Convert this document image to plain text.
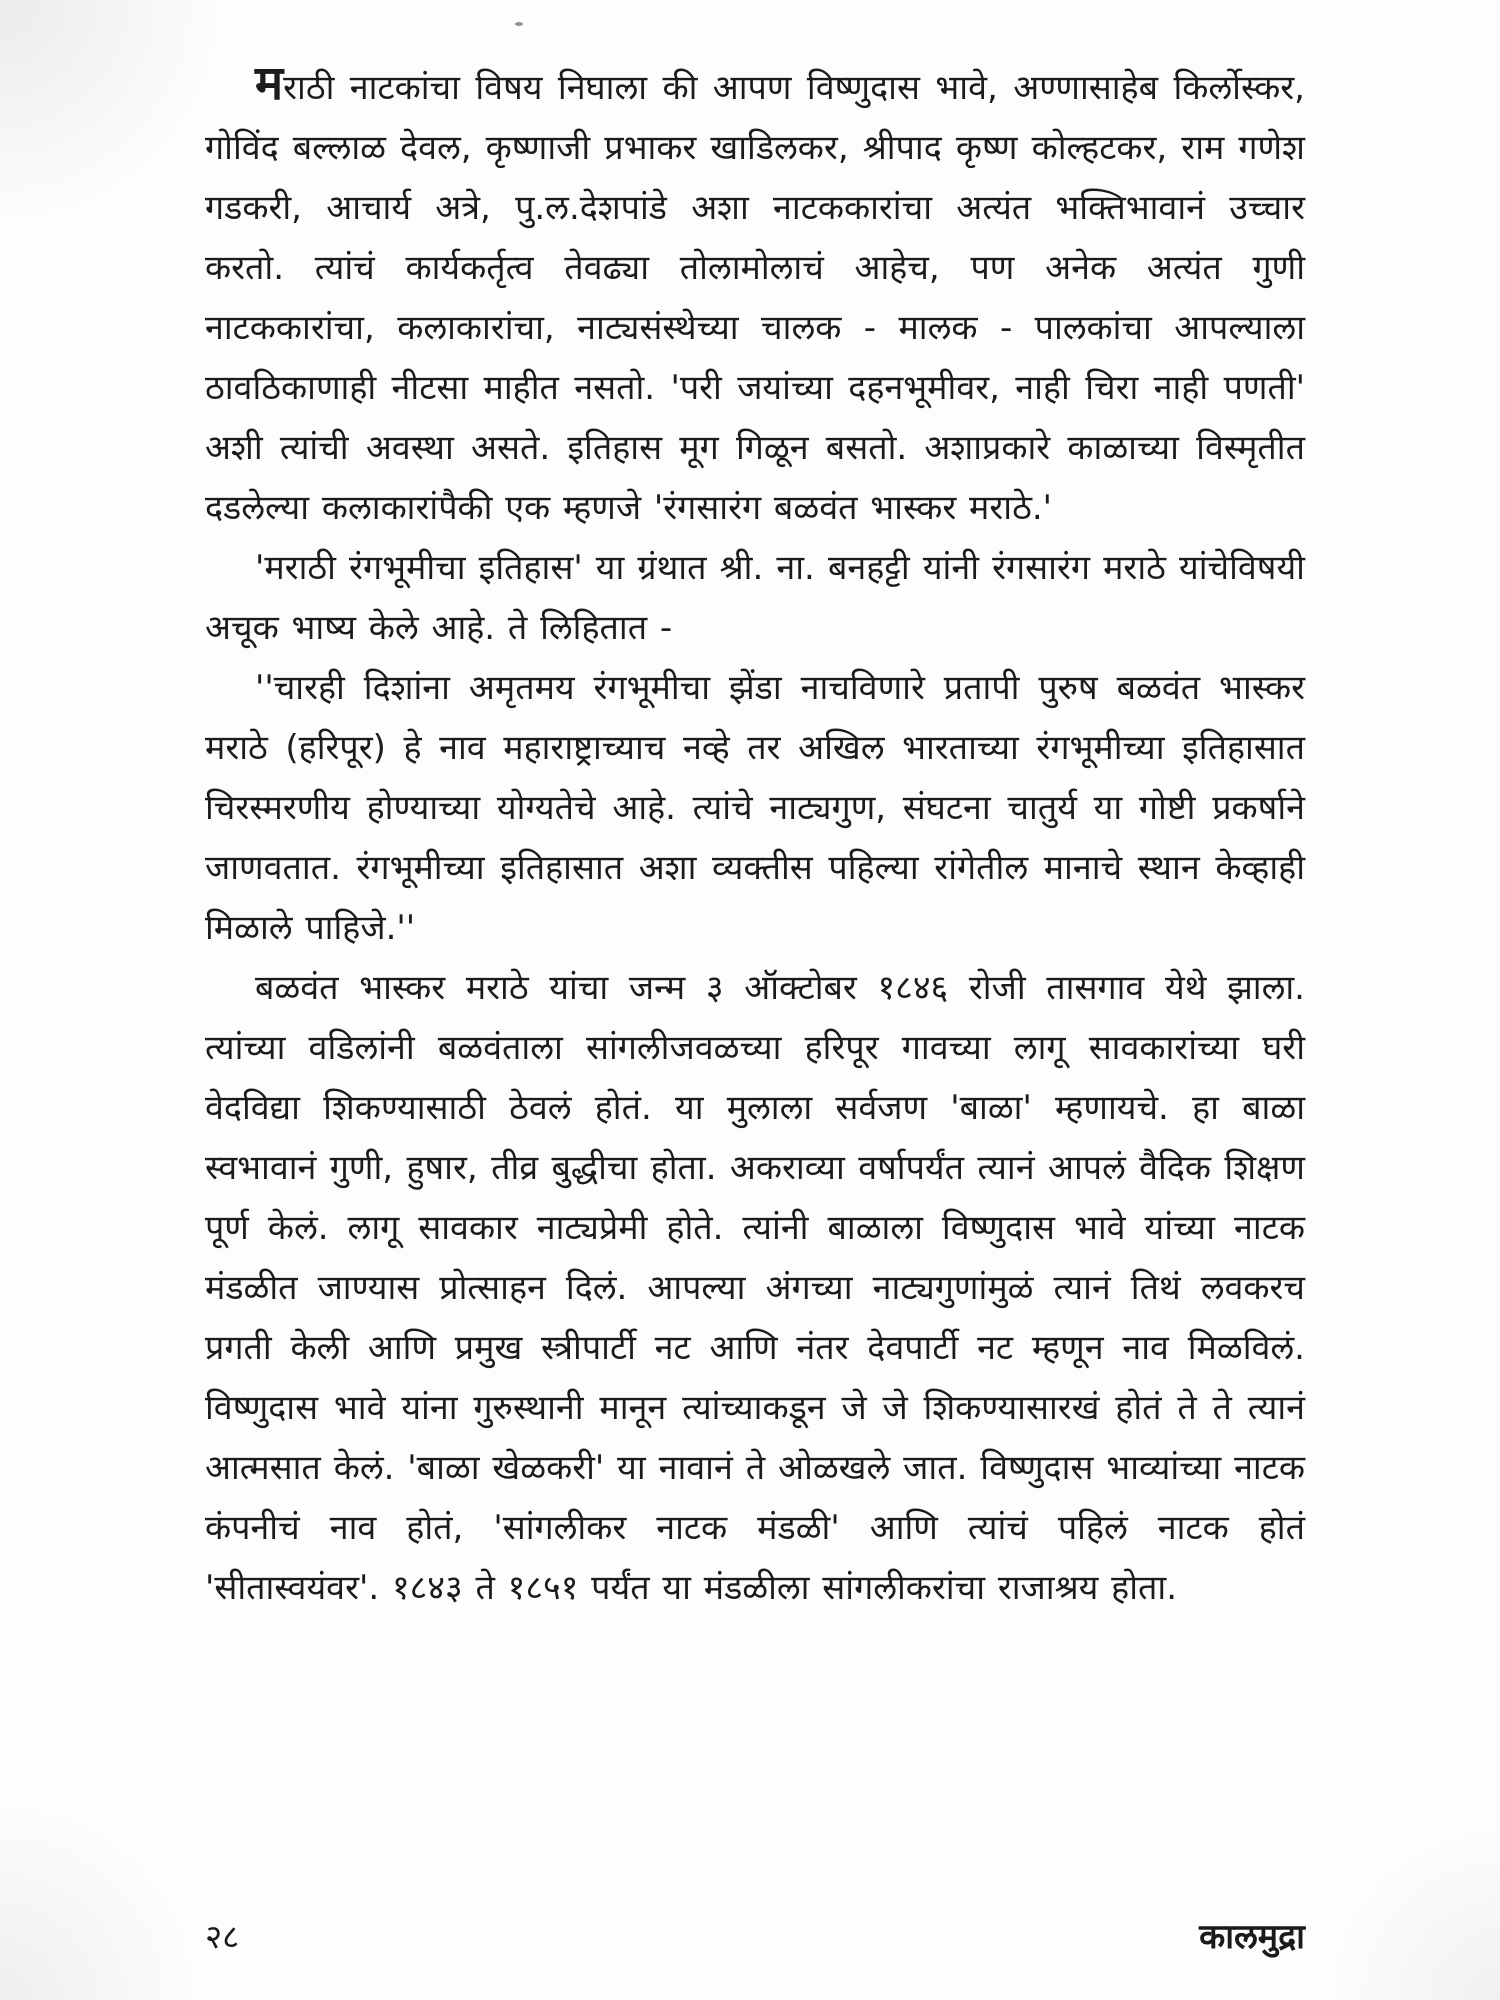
मराठी नाटकांचा विषय निघाला की आपण विष्णुदास भावे, अण्णासाहेब किर्लोस्कर, गोविंद बल्लाळ देवल, कृष्णाजी प्रभाकर खाडिलकर, श्रीपाद कृष्ण कोल्हटकर, राम गणेश गडकरी, आचार्य अत्रे, पु.ल.देशपांडे अशा नाटककारांचा अत्यंत भक्तिभावानं उच्चार करतो. त्यांचं कार्यकर्तृत्व तेवढ्या तोलामोलाचं आहेच, पण अनेक अत्यंत गुणी नाटककारांचा, कलाकारांचा, नाट्यसंस्थेच्या चालक - मालक - पालकांचा आपल्याला ठावठिकाणाही नीटसा माहीत नसतो. 'परी जयांच्या दहनभूमीवर, नाही चिरा नाही पणती' अशी त्यांची अवस्था असते. इतिहास मूग गिळून बसतो. अशाप्रकारे काळाच्या विस्मृतीत दडलेल्या कलाकारांपैकी एक म्हणजे 'रंगसारंग बळवंत भास्कर मराठे.'

'मराठी रंगभूमीचा इतिहास' या ग्रंथात श्री. ना. बनहट्टी यांनी रंगसारंग मराठे यांचेविषयी अचूक भाष्य केले आहे. ते लिहितात -

''चारही दिशांना अमृतमय रंगभूमीचा झेंडा नाचविणारे प्रतापी पुरुष बळवंत भास्कर मराठे (हरिपूर) हे नाव महाराष्ट्राच्याच नव्हे तर अखिल भारताच्या रंगभूमीच्या इतिहासात चिरस्मरणीय होण्याच्या योग्यतेचे आहे. त्यांचे नाट्यगुण, संघटना चातुर्य या गोष्टी प्रकर्षाने जाणवतात. रंगभूमीच्या इतिहासात अशा व्यक्तीस पहिल्या रांगेतील मानाचे स्थान केव्हाही मिळाले पाहिजे.''

बळवंत भास्कर मराठे यांचा जन्म ३ ऑक्टोबर १८४६ रोजी तासगाव येथे झाला. त्यांच्या वडिलांनी बळवंताला सांगलीजवळच्या हरिपूर गावच्या लागू सावकारांच्या घरी वेदविद्या शिकण्यासाठी ठेवलं होतं. या मुलाला सर्वजण 'बाळा' म्हणायचे. हा बाळा स्वभावानं गुणी, हुषार, तीव्र बुद्धीचा होता. अकराव्या वर्षापर्यंत त्यानं आपलं वैदिक शिक्षण पूर्ण केलं. लागू सावकार नाट्यप्रेमी होते. त्यांनी बाळाला विष्णुदास भावे यांच्या नाटक मंडळीत जाण्यास प्रोत्साहन दिलं. आपल्या अंगच्या नाट्यगुणांमुळं त्यानं तिथं लवकरच प्रगती केली आणि प्रमुख स्त्रीपार्टी नट आणि नंतर देवपार्टी नट म्हणून नाव मिळविलं. विष्णुदास भावे यांना गुरुस्थानी मानून त्यांच्याकडून जे जे शिकण्यासारखं होतं ते ते त्यानं आत्मसात केलं. 'बाळा खेळकरी' या नावानं ते ओळखले जात. विष्णुदास भाव्यांच्या नाटक कंपनीचं नाव होतं, 'सांगलीकर नाटक मंडळी' आणि त्यांचं पहिलं नाटक होतं 'सीतास्वयंवर'. १८४३ ते १८५१ पर्यंत या मंडळीला सांगलीकरांचा राजाश्रय होता.

२८	कालमुद्रा
